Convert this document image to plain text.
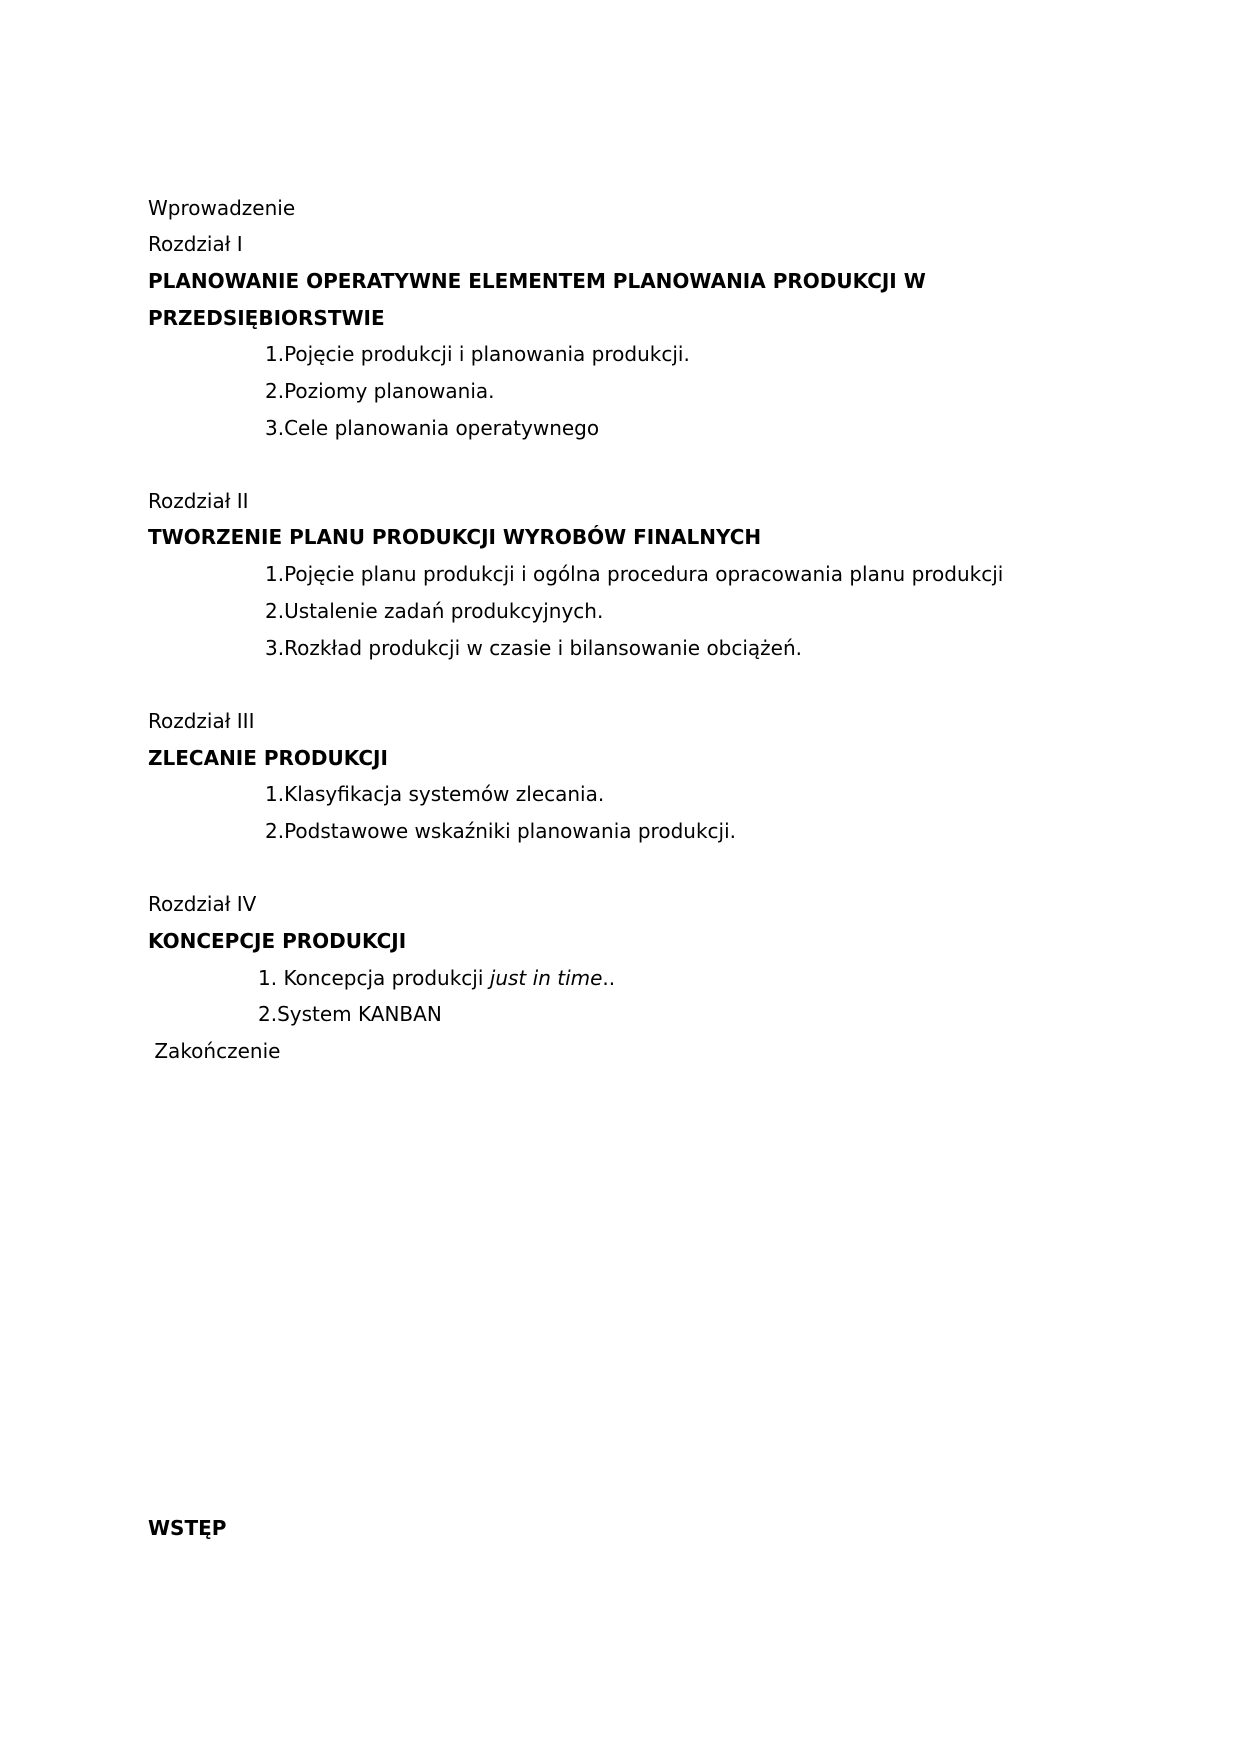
Wprowadzenie
Rozdział I
PLANOWANIE OPERATYWNE ELEMENTEM PLANOWANIA PRODUKCJI W
PRZEDSIĘBIORSTWIE
1.Pojęcie produkcji i planowania produkcji.
2.Poziomy planowania.
3.Cele planowania operatywnego
Rozdział II
TWORZENIE PLANU PRODUKCJI WYROBÓW FINALNYCH
1.Pojęcie planu produkcji i ogólna procedura opracowania planu produkcji
2.Ustalenie zadań produkcyjnych.
3.Rozkład produkcji w czasie i bilansowanie obciążeń.
Rozdział III
ZLECANIE PRODUKCJI
1.Klasyfikacja systemów zlecania.
2.Podstawowe wskaźniki planowania produkcji.
Rozdział IV
KONCEPCJE PRODUKCJI
1. Koncepcja produkcji just in time..
2.System KANBAN
Zakończenie
WSTĘP
